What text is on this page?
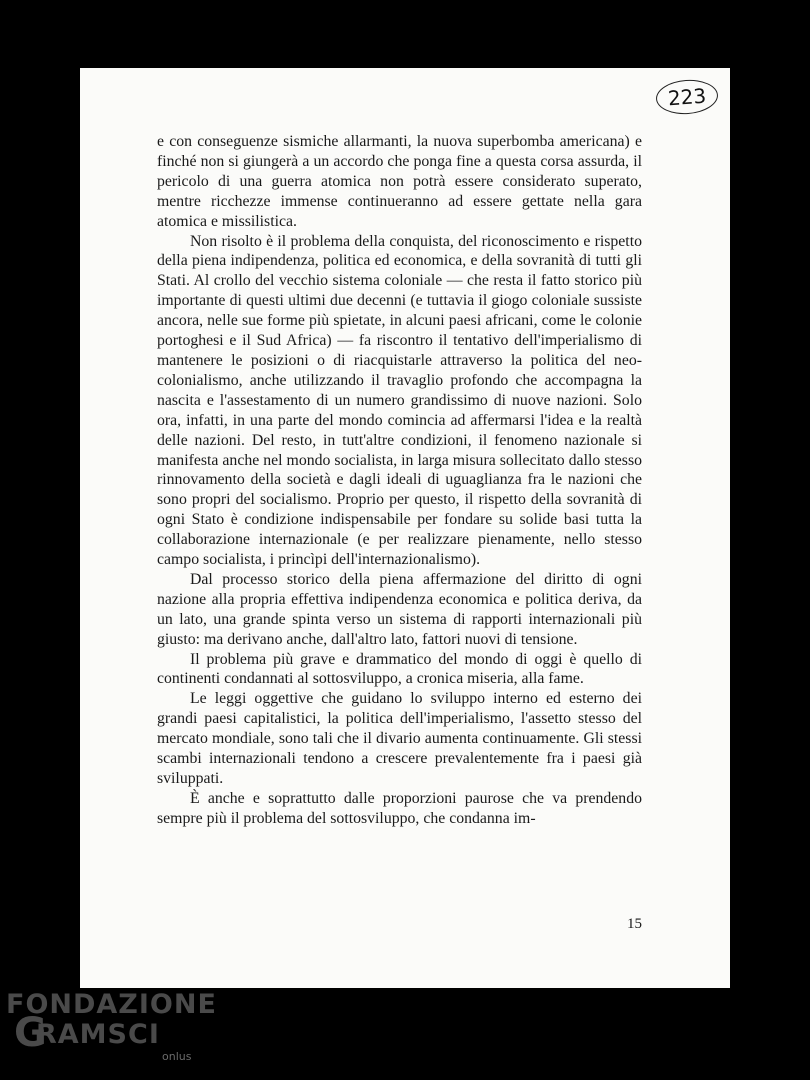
223

e con conseguenze sismiche allarmanti, la nuova superbomba americana) e finché non si giungerà a un accordo che ponga fine a questa corsa assurda, il pericolo di una guerra atomica non potrà essere considerato superato, mentre ricchezze immense continueranno ad essere gettate nella gara atomica e missilistica.

Non risolto è il problema della conquista, del riconoscimento e rispetto della piena indipendenza, politica ed economica, e della sovranità di tutti gli Stati. Al crollo del vecchio sistema coloniale — che resta il fatto storico più importante di questi ultimi due decenni (e tuttavia il giogo coloniale sussiste ancora, nelle sue forme più spietate, in alcuni paesi africani, come le colonie portoghesi e il Sud Africa) — fa riscontro il tentativo dell'imperialismo di mantenere le posizioni o di riacquistarle attraverso la politica del neo-colonialismo, anche utilizzando il travaglio profondo che accompagna la nascita e l'assestamento di un numero grandissimo di nuove nazioni. Solo ora, infatti, in una parte del mondo comincia ad affermarsi l'idea e la realtà delle nazioni. Del resto, in tutt'altre condizioni, il fenomeno nazionale si manifesta anche nel mondo socialista, in larga misura sollecitato dallo stesso rinnovamento della società e dagli ideali di uguaglianza fra le nazioni che sono propri del socialismo. Proprio per questo, il rispetto della sovranità di ogni Stato è condizione indispensabile per fondare su solide basi tutta la collaborazione internazionale (e per realizzare pienamente, nello stesso campo socialista, i princìpi dell'internazionalismo).

Dal processo storico della piena affermazione del diritto di ogni nazione alla propria effettiva indipendenza economica e politica deriva, da un lato, una grande spinta verso un sistema di rapporti internazionali più giusto: ma derivano anche, dall'altro lato, fattori nuovi di tensione.

Il problema più grave e drammatico del mondo di oggi è quello di continenti condannati al sottosviluppo, a cronica miseria, alla fame.

Le leggi oggettive che guidano lo sviluppo interno ed esterno dei grandi paesi capitalistici, la politica dell'imperialismo, l'assetto stesso del mercato mondiale, sono tali che il divario aumenta continuamente. Gli stessi scambi internazionali tendono a crescere prevalentemente fra i paesi già sviluppati.

È anche e soprattutto dalle proporzioni paurose che va prendendo sempre più il problema del sottosviluppo, che condanna im-

15
FONDAZIONE
G
RAMSCI
onlus
